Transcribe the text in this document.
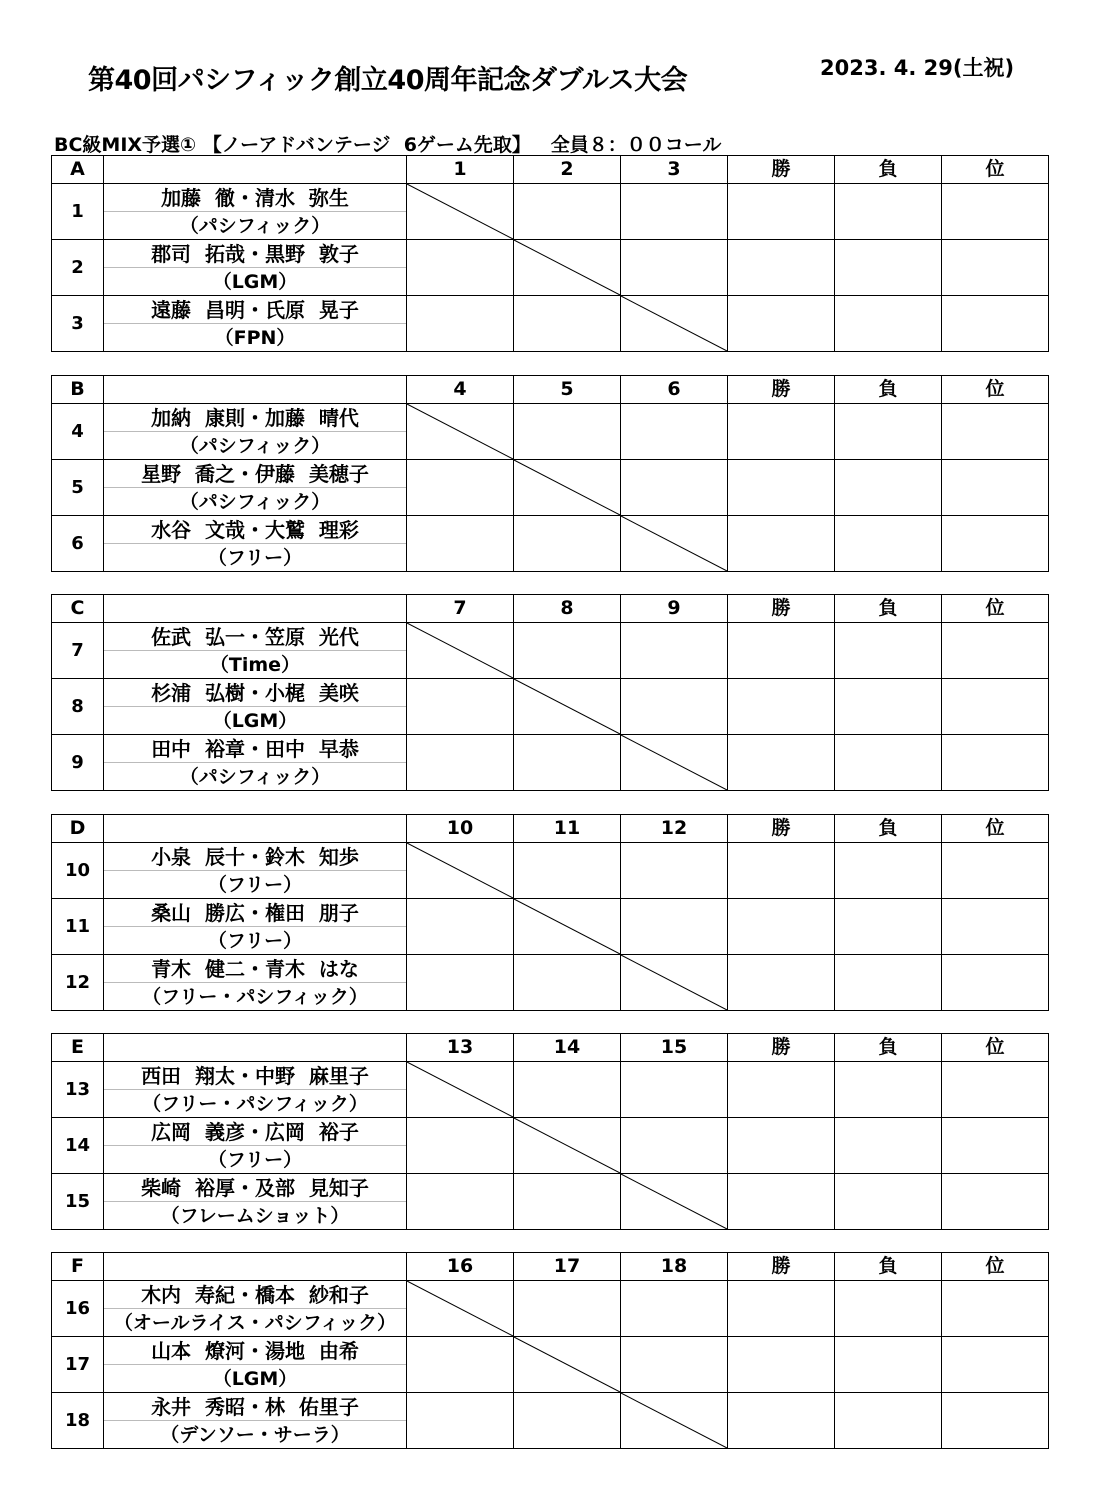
第40回パシフィック創立40周年記念ダブルス大会	2023. 4. 29(土祝)
BC級MIX予選① 【ノーアドバンテージ  6ゲーム先取】   全員８：００コール
A		1	2	3	勝	負	位
1	加藤  徹・清水  弥生
（パシフィック）

2	郡司  拓哉・黒野  敦子
（LGM）

3	遠藤  昌明・氏原  晃子
（FPN）

B		4	5	6	勝	負	位
4	加納  康則・加藤  晴代
（パシフィック）

5	星野  喬之・伊藤  美穂子
（パシフィック）

6	水谷  文哉・大鷲  理彩
（フリー）

C		7	8	9	勝	負	位
7	佐武  弘一・笠原  光代
（Time）

8	杉浦  弘樹・小梶  美咲
（LGM）

9	田中  裕章・田中  早恭
（パシフィック）

D		10	11	12	勝	負	位
10	小泉  辰十・鈴木  知歩
（フリー）

11	桑山  勝広・権田  朋子
（フリー）

12	青木  健二・青木  はな
（フリー・パシフィック）

E		13	14	15	勝	負	位
13	西田  翔太・中野  麻里子
（フリー・パシフィック）

14	広岡  義彦・広岡  裕子
（フリー）

15	柴崎  裕厚・及部  見知子
（フレームショット）

F		16	17	18	勝	負	位
16	木内  寿紀・橋本  紗和子
（オールライス・パシフィック）

17	山本  燎河・湯地  由希
（LGM）

18	永井  秀昭・林  佑里子
（デンソー・サーラ）
